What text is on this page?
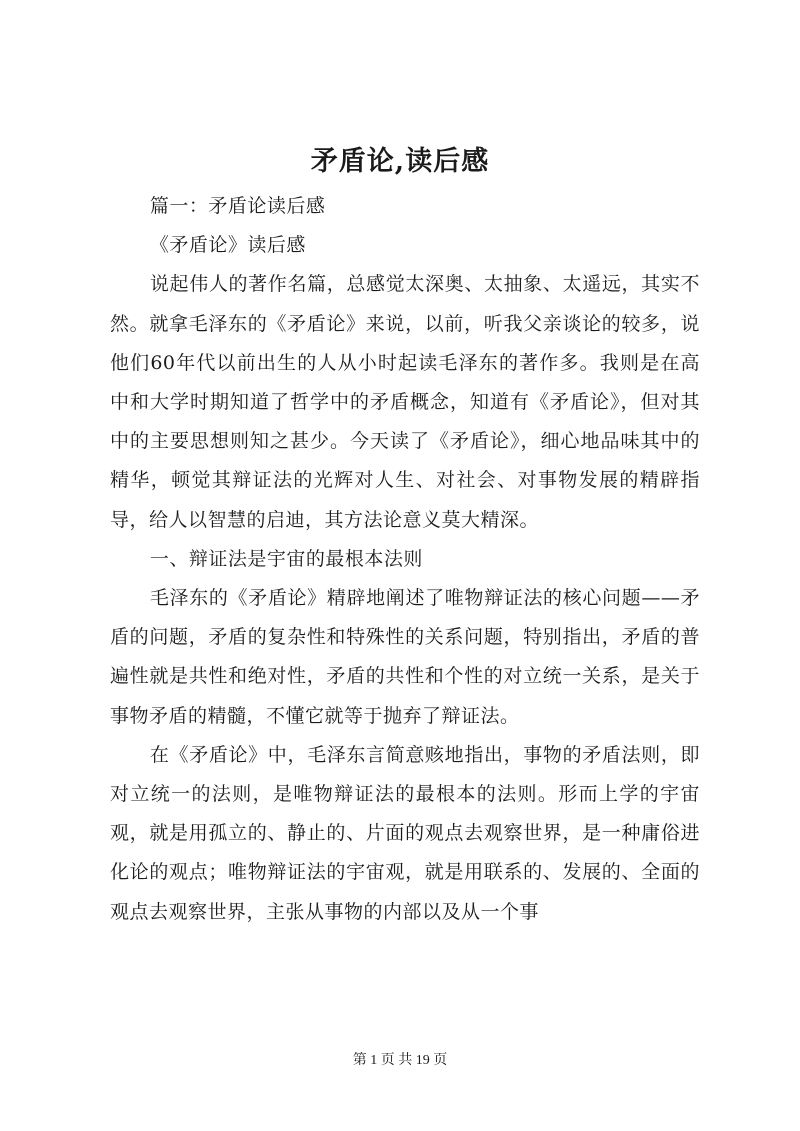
矛盾论,读后感

篇一：矛盾论读后感

《矛盾论》读后感

说起伟人的著作名篇，总感觉太深奥、太抽象、太遥远，其实不然。就拿毛泽东的《矛盾论》来说，以前，听我父亲谈论的较多，说他们60年代以前出生的人从小时起读毛泽东的著作多。我则是在高中和大学时期知道了哲学中的矛盾概念，知道有《矛盾论》，但对其中的主要思想则知之甚少。今天读了《矛盾论》，细心地品味其中的精华，顿觉其辩证法的光辉对人生、对社会、对事物发展的精辟指导，给人以智慧的启迪，其方法论意义莫大精深。

一、辩证法是宇宙的最根本法则

毛泽东的《矛盾论》精辟地阐述了唯物辩证法的核心问题——矛盾的问题，矛盾的复杂性和特殊性的关系问题，特别指出，矛盾的普遍性就是共性和绝对性，矛盾的共性和个性的对立统一关系，是关于事物矛盾的精髓，不懂它就等于抛弃了辩证法。

在《矛盾论》中，毛泽东言简意赅地指出，事物的矛盾法则，即对立统一的法则，是唯物辩证法的最根本的法则。形而上学的宇宙观，就是用孤立的、静止的、片面的观点去观察世界，是一种庸俗进化论的观点；唯物辩证法的宇宙观，就是用联系的、发展的、全面的观点去观察世界，主张从事物的内部以及从一个事

第 1 页 共 19 页
